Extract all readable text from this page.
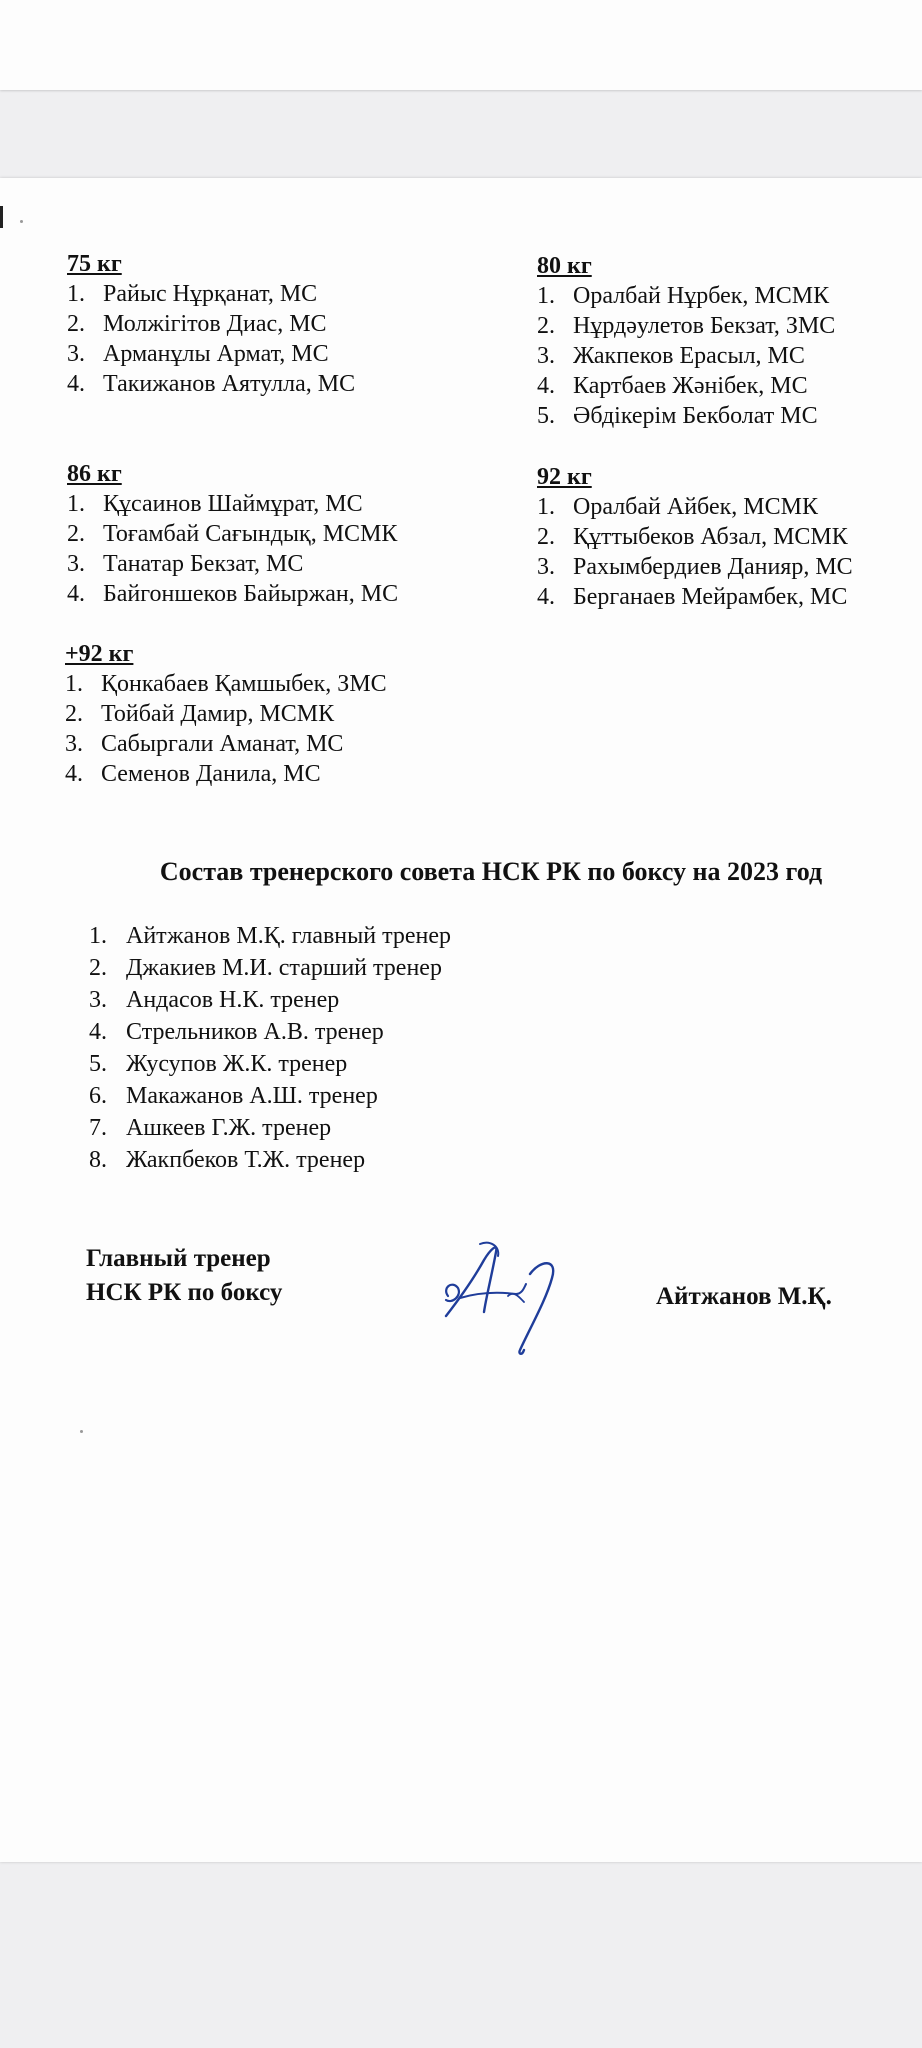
75 кг

1. Райыс Нұрқанат, МС
2. Молжігітов Диас, МС
3. Арманұлы Армат, МС
4. Такижанов Аятулла, МС

80 кг

1. Оралбай Нұрбек, МСМК
2. Нұрдәулетов Бекзат, ЗМС
3. Жакпеков Ерасыл, МС
4. Картбаев Жәнібек, МС
5. Әбдікерім Бекболат МС

86 кг

1. Құсаинов Шаймұрат, МС
2. Тоғамбай Сағындық, МСМК
3. Танатар Бекзат, МС
4. Байгоншеков Байыржан, МС

92 кг

1. Оралбай Айбек, МСМК
2. Құттыбеков Абзал, МСМК
3. Рахымбердиев Данияр, МС
4. Берганаев Мейрамбек, МС

+92 кг

1. Қонкабаев Қамшыбек, ЗМС
2. Тойбай Дамир, МСМК
3. Сабыргали Аманат, МС
4. Семенов Данила, МС
Состав тренерского совета НСК РК по боксу на 2023 год
1. Айтжанов М.Қ. главный тренер
2. Джакиев М.И. старший тренер
3. Андасов Н.К. тренер
4. Стрельников А.В. тренер
5. Жусупов Ж.К. тренер
6. Макажанов А.Ш. тренер
7. Ашкеев Г.Ж. тренер
8. Жакпбеков Т.Ж. тренер
Главный тренер
НСК РК по боксу	Айтжанов М.Қ.
